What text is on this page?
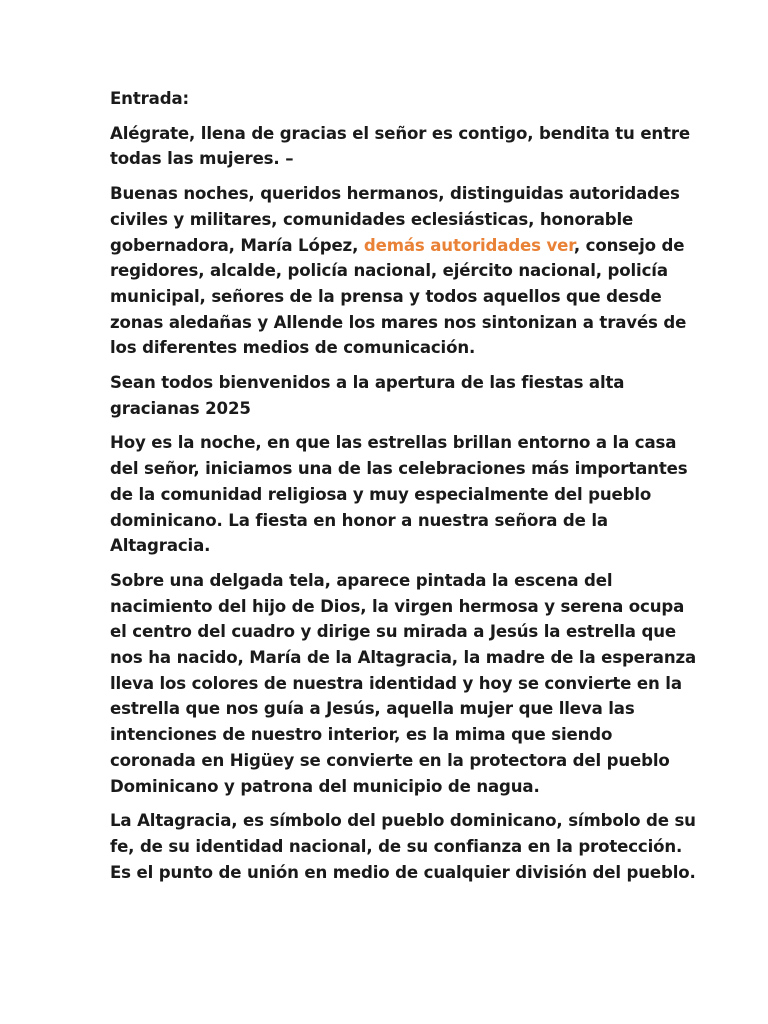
Entrada:

Alégrate, llena de gracias el señor es contigo, bendita tu entre
todas las mujeres. –

Buenas noches, queridos hermanos, distinguidas autoridades
civiles y militares, comunidades eclesiásticas, honorable
gobernadora, María López, demás autoridades ver, consejo de
regidores, alcalde, policía nacional, ejército nacional, policía
municipal, señores de la prensa y todos aquellos que desde
zonas aledañas y Allende los mares nos sintonizan a través de
los diferentes medios de comunicación.

Sean todos bienvenidos a la apertura de las fiestas alta
gracianas 2025

Hoy es la noche, en que las estrellas brillan entorno a la casa
del señor, iniciamos una de las celebraciones más importantes
de la comunidad religiosa y muy especialmente del pueblo
dominicano. La fiesta en honor a nuestra señora de la
Altagracia.

Sobre una delgada tela, aparece pintada la escena del
nacimiento del hijo de Dios, la virgen hermosa y serena ocupa
el centro del cuadro y dirige su mirada a Jesús la estrella que
nos ha nacido, María de la Altagracia, la madre de la esperanza
lleva los colores de nuestra identidad y hoy se convierte en la
estrella que nos guía a Jesús, aquella mujer que lleva las
intenciones de nuestro interior, es la mima que siendo
coronada en Higüey se convierte en la protectora del pueblo
Dominicano y patrona del municipio de nagua.

La Altagracia, es símbolo del pueblo dominicano, símbolo de su
fe, de su identidad nacional, de su confianza en la protección.
Es el punto de unión en medio de cualquier división del pueblo.
